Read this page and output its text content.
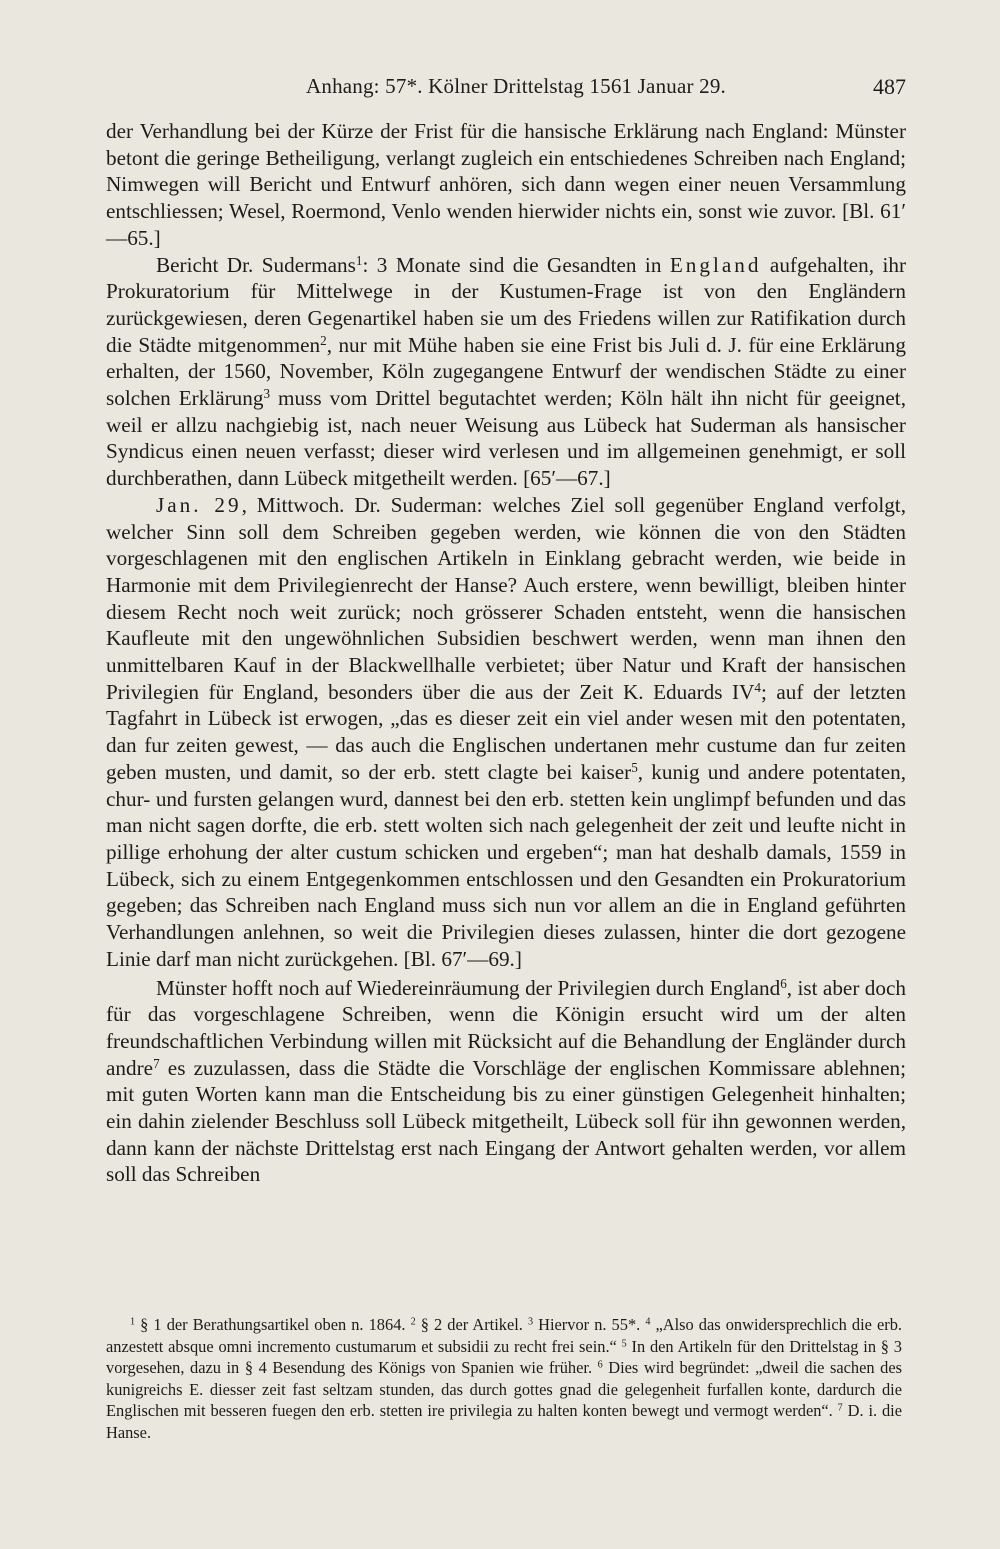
Anhang: 57*. Kölner Drittelstag 1561 Januar 29.	487

der Verhandlung bei der Kürze der Frist für die hansische Erklärung nach England: Münster betont die geringe Betheiligung, verlangt zugleich ein entschiedenes Schreiben nach England; Nimwegen will Bericht und Entwurf anhören, sich dann wegen einer neuen Versammlung entschliessen; Wesel, Roermond, Venlo wenden hierwider nichts ein, sonst wie zuvor. [Bl. 61′—65.]

Bericht Dr. Sudermans$^1$: 3 Monate sind die Gesandten in England aufgehalten, ihr Prokuratorium für Mittelwege in der Kustumen-Frage ist von den Engländern zurückgewiesen, deren Gegenartikel haben sie um des Friedens willen zur Ratifikation durch die Städte mitgenommen$^2$, nur mit Mühe haben sie eine Frist bis Juli d. J. für eine Erklärung erhalten, der 1560, November, Köln zugegangene Entwurf der wendischen Städte zu einer solchen Erklärung$^3$ muss vom Drittel begutachtet werden; Köln hält ihn nicht für geeignet, weil er allzu nachgiebig ist, nach neuer Weisung aus Lübeck hat Suderman als hansischer Syndicus einen neuen verfasst; dieser wird verlesen und im allgemeinen genehmigt, er soll durchberathen, dann Lübeck mitgetheilt werden. [65′—67.]

Jan. 29, Mittwoch. Dr. Suderman: welches Ziel soll gegenüber England verfolgt, welcher Sinn soll dem Schreiben gegeben werden, wie können die von den Städten vorgeschlagenen mit den englischen Artikeln in Einklang gebracht werden, wie beide in Harmonie mit dem Privilegienrecht der Hanse? Auch erstere, wenn bewilligt, bleiben hinter diesem Recht noch weit zurück; noch grösserer Schaden entsteht, wenn die hansischen Kaufleute mit den ungewöhnlichen Subsidien beschwert werden, wenn man ihnen den unmittelbaren Kauf in der Blackwellhalle verbietet; über Natur und Kraft der hansischen Privilegien für England, besonders über die aus der Zeit K. Eduards $IV^4$; auf der letzten Tagfahrt in Lübeck ist erwogen, „das es dieser zeit ein viel ander wesen mit den potentaten, dan fur zeiten gewest, — das auch die Englischen undertanen mehr custume dan fur zeiten geben musten, und damit, so der erb. stett clagte bei kaiser$^5$, kunig und andere potentaten, chur- und fursten gelangen wurd, dannest bei den erb. stetten kein unglimpf befunden und das man nicht sagen dorfte, die erb. stett wolten sich nach gelegenheit der zeit und leufte nicht in pillige erhohung der alter custum schicken und ergeben“; man hat deshalb damals, 1559 in Lübeck, sich zu einem Entgegenkommen entschlossen und den Gesandten ein Prokuratorium gegeben; das Schreiben nach England muss sich nun vor allem an die in England geführten Verhandlungen anlehnen, so weit die Privilegien dieses zulassen, hinter die dort gezogene Linie darf man nicht zurückgehen. [Bl. 67′—69.]

Münster hofft noch auf Wiedereinräumung der Privilegien durch England$^6$, ist aber doch für das vorgeschlagene Schreiben, wenn die Königin ersucht wird um der alten freundschaftlichen Verbindung willen mit Rücksicht auf die Behandlung der Engländer durch andre$^7$ es zuzulassen, dass die Städte die Vorschläge der englischen Kommissare ablehnen; mit guten Worten kann man die Entscheidung bis zu einer günstigen Gelegenheit hinhalten; ein dahin zielender Beschluss soll Lübeck mitgetheilt, Lübeck soll für ihn gewonnen werden, dann kann der nächste Drittelstag erst nach Eingang der Antwort gehalten werden, vor allem soll das Schreiben

$^1$ § 1 der Berathungsartikel oben n. 1864. $^2$ § 2 der Artikel. $^3$ Hiervor n. 55*. $^4$ „Also das onwidersprechlich die erb. anzestett absque omni incremento custumarum et subsidii zu recht frei sein.“ $^5$ In den Artikeln für den Drittelstag in § 3 vorgesehen, dazu in § 4 Besendung des Königs von Spanien wie früher. $^6$ Dies wird begründet: „dweil die sachen des kunigreichs E. diesser zeit fast seltzam stunden, das durch gottes gnad die gelegenheit furfallen konte, dardurch die Englischen mit besseren fuegen den erb. stetten ire privilegia zu halten konten bewegt und vermogt werden“. $^7$ D. i. die Hanse.
